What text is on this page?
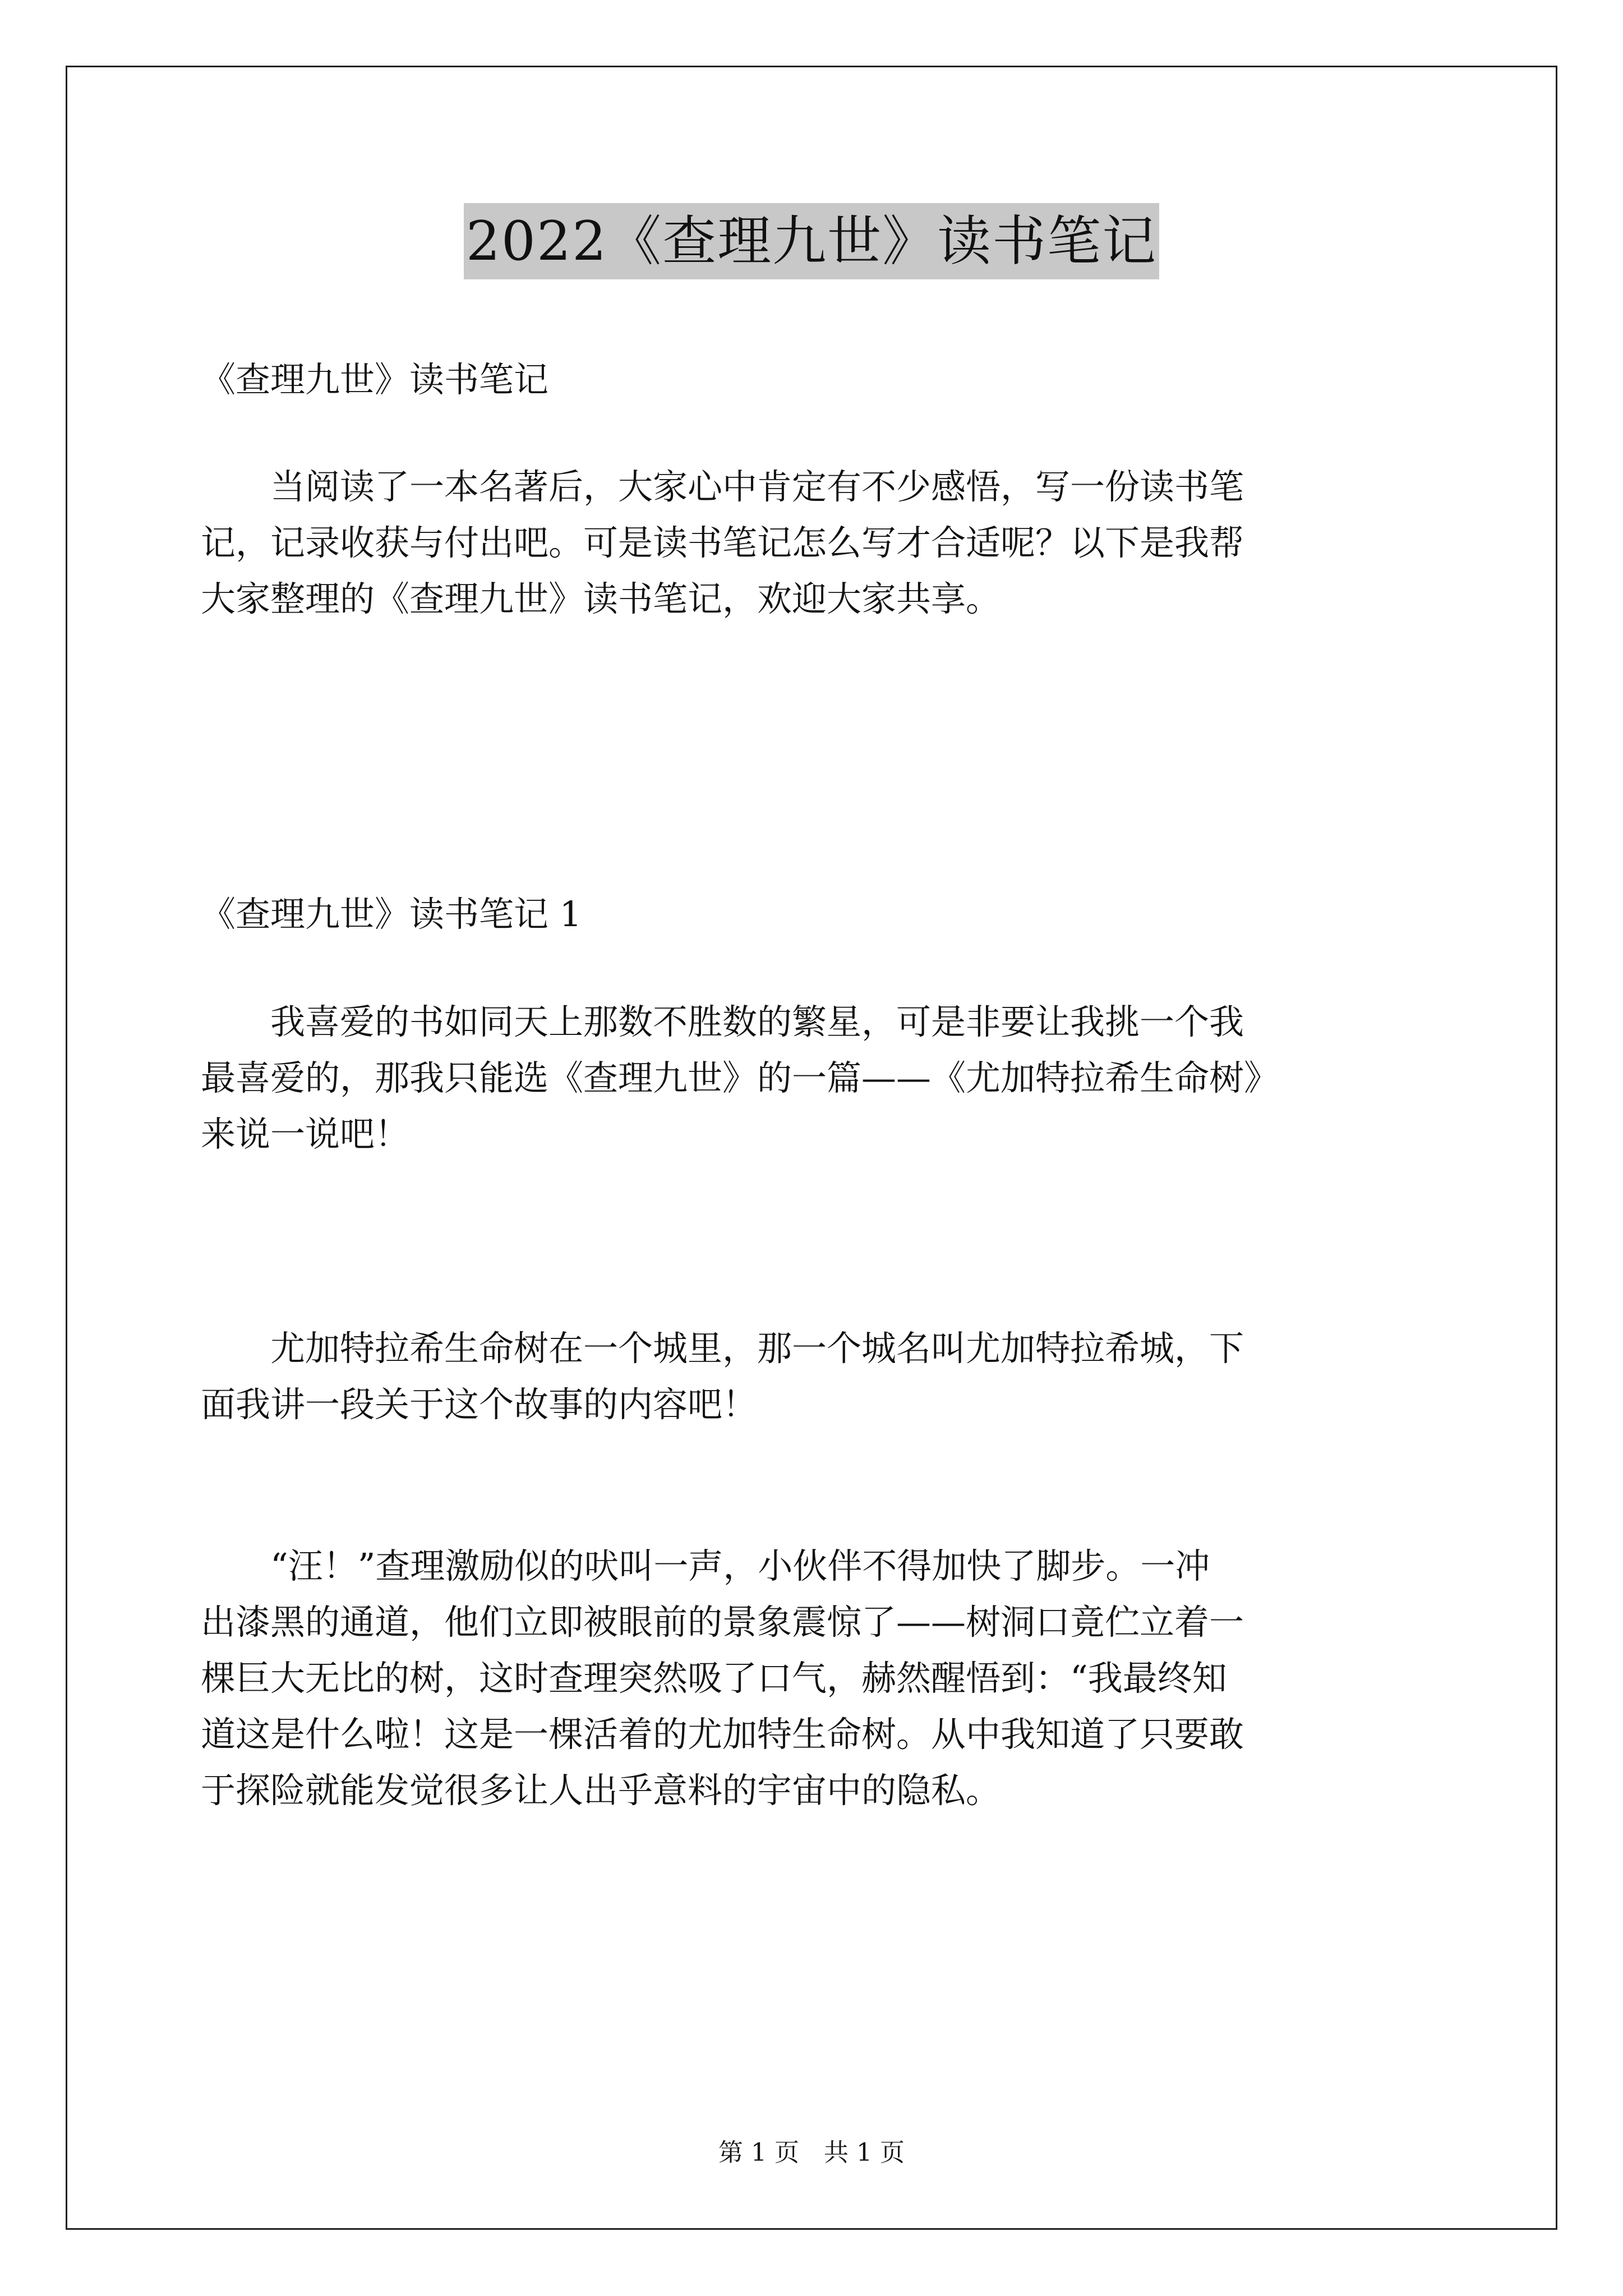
2022《查理九世》读书笔记
《查理九世》读书笔记
　　当阅读了一本名著后，大家心中肯定有不少感悟，写一份读书笔
记，记录收获与付出吧。可是读书笔记怎么写才合适呢？以下是我帮
大家整理的《查理九世》读书笔记，欢迎大家共享。
《查理九世》读书笔记 1
　　我喜爱的书如同天上那数不胜数的繁星，可是非要让我挑一个我
最喜爱的，那我只能选《查理九世》的一篇——《尤加特拉希生命树》
来说一说吧！
　　尤加特拉希生命树在一个城里，那一个城名叫尤加特拉希城，下
面我讲一段关于这个故事的内容吧！
　　“汪！”查理激励似的吠叫一声，小伙伴不得加快了脚步。一冲
出漆黑的通道，他们立即被眼前的景象震惊了——树洞口竟伫立着一
棵巨大无比的树，这时查理突然吸了口气，赫然醒悟到：“我最终知
道这是什么啦！这是一棵活着的尤加特生命树。从中我知道了只要敢
于探险就能发觉很多让人出乎意料的宇宙中的隐私。
第 1 页　共 1 页
